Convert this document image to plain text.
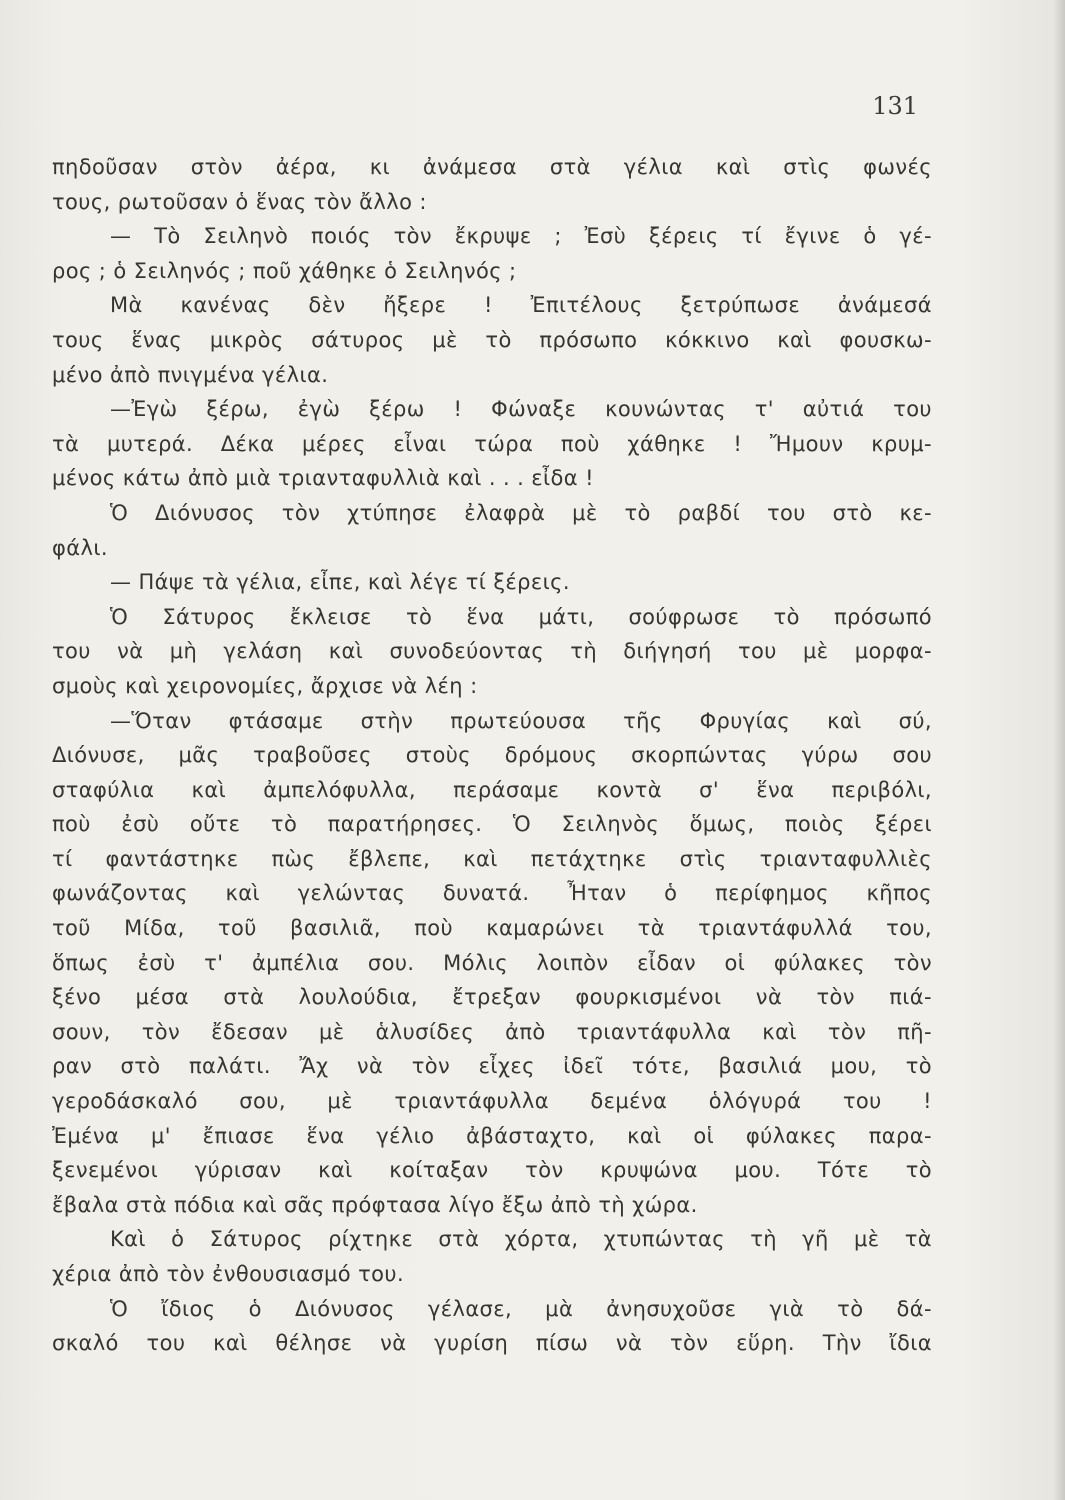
131
πηδοῦσαν στὸν ἀέρα, κι ἀνάμεσα στὰ γέλια καὶ στὶς φωνές
τους, ρωτοῦσαν ὁ ἕνας τὸν ἄλλο :
— Τὸ Σειληνὸ ποιός τὸν ἔκρυψε ; Ἐσὺ ξέρεις τί ἔγινε ὁ γέ-
ρος ; ὁ Σειληνός ; ποῦ χάθηκε ὁ Σειληνός ;
Μὰ κανένας δὲν ἤξερε ! Ἐπιτέλους ξετρύπωσε ἀνάμεσά
τους ἕνας μικρὸς σάτυρος μὲ τὸ πρόσωπο κόκκινο καὶ φουσκω-
μένο ἀπὸ πνιγμένα γέλια.
—Ἐγὼ ξέρω, ἐγὼ ξέρω ! Φώναξε κουνώντας τ' αὐτιά του
τὰ μυτερά. Δέκα μέρες εἶναι τώρα ποὺ χάθηκε ! Ἤμουν κρυμ-
μένος κάτω ἀπὸ μιὰ τριανταφυλλιὰ καὶ . . . εἶδα !
Ὁ Διόνυσος τὸν χτύπησε ἐλαφρὰ μὲ τὸ ραβδί του στὸ κε-
φάλι.
— Πάψε τὰ γέλια, εἶπε, καὶ λέγε τί ξέρεις.
Ὁ Σάτυρος ἔκλεισε τὸ ἕνα μάτι, σούφρωσε τὸ πρόσωπό
του νὰ μὴ γελάση καὶ συνοδεύοντας τὴ διήγησή του μὲ μορφα-
σμοὺς καὶ χειρονομίες, ἄρχισε νὰ λέη :
—Ὅταν φτάσαμε στὴν πρωτεύουσα τῆς Φρυγίας καὶ σύ,
Διόνυσε, μᾶς τραβοῦσες στοὺς δρόμους σκορπώντας γύρω σου
σταφύλια καὶ ἀμπελόφυλλα, περάσαμε κοντὰ σ' ἕνα περιβόλι,
ποὺ ἐσὺ οὔτε τὸ παρατήρησες. Ὁ Σειληνὸς ὅμως, ποιὸς ξέρει
τί φαντάστηκε πὼς ἔβλεπε, καὶ πετάχτηκε στὶς τριανταφυλλιὲς
φωνάζοντας καὶ γελώντας δυνατά. Ἦταν ὁ περίφημος κῆπος
τοῦ Μίδα, τοῦ βασιλιᾶ, ποὺ καμαρώνει τὰ τριαντάφυλλά του,
ὅπως ἐσὺ τ' ἀμπέλια σου. Μόλις λοιπὸν εἶδαν οἱ φύλακες τὸν
ξένο μέσα στὰ λουλούδια, ἔτρεξαν φουρκισμένοι νὰ τὸν πιά-
σουν, τὸν ἔδεσαν μὲ ἁλυσίδες ἀπὸ τριαντάφυλλα καὶ τὸν πῆ-
ραν στὸ παλάτι. Ἄχ νὰ τὸν εἶχες ἰδεῖ τότε, βασιλιά μου, τὸ
γεροδάσκαλό σου, μὲ τριαντάφυλλα δεμένα ὁλόγυρά του !
Ἐμένα μ' ἔπιασε ἕνα γέλιο ἀβάσταχτο, καὶ οἱ φύλακες παρα-
ξενεμένοι γύρισαν καὶ κοίταξαν τὸν κρυψώνα μου. Τότε τὸ
ἔβαλα στὰ πόδια καὶ σᾶς πρόφτασα λίγο ἔξω ἀπὸ τὴ χώρα.
Καὶ ὁ Σάτυρος ρίχτηκε στὰ χόρτα, χτυπώντας τὴ γῆ μὲ τὰ
χέρια ἀπὸ τὸν ἐνθουσιασμό του.
Ὁ ἴδιος ὁ Διόνυσος γέλασε, μὰ ἀνησυχοῦσε γιὰ τὸ δά-
σκαλό του καὶ θέλησε νὰ γυρίση πίσω νὰ τὸν εὕρη. Τὴν ἴδια
